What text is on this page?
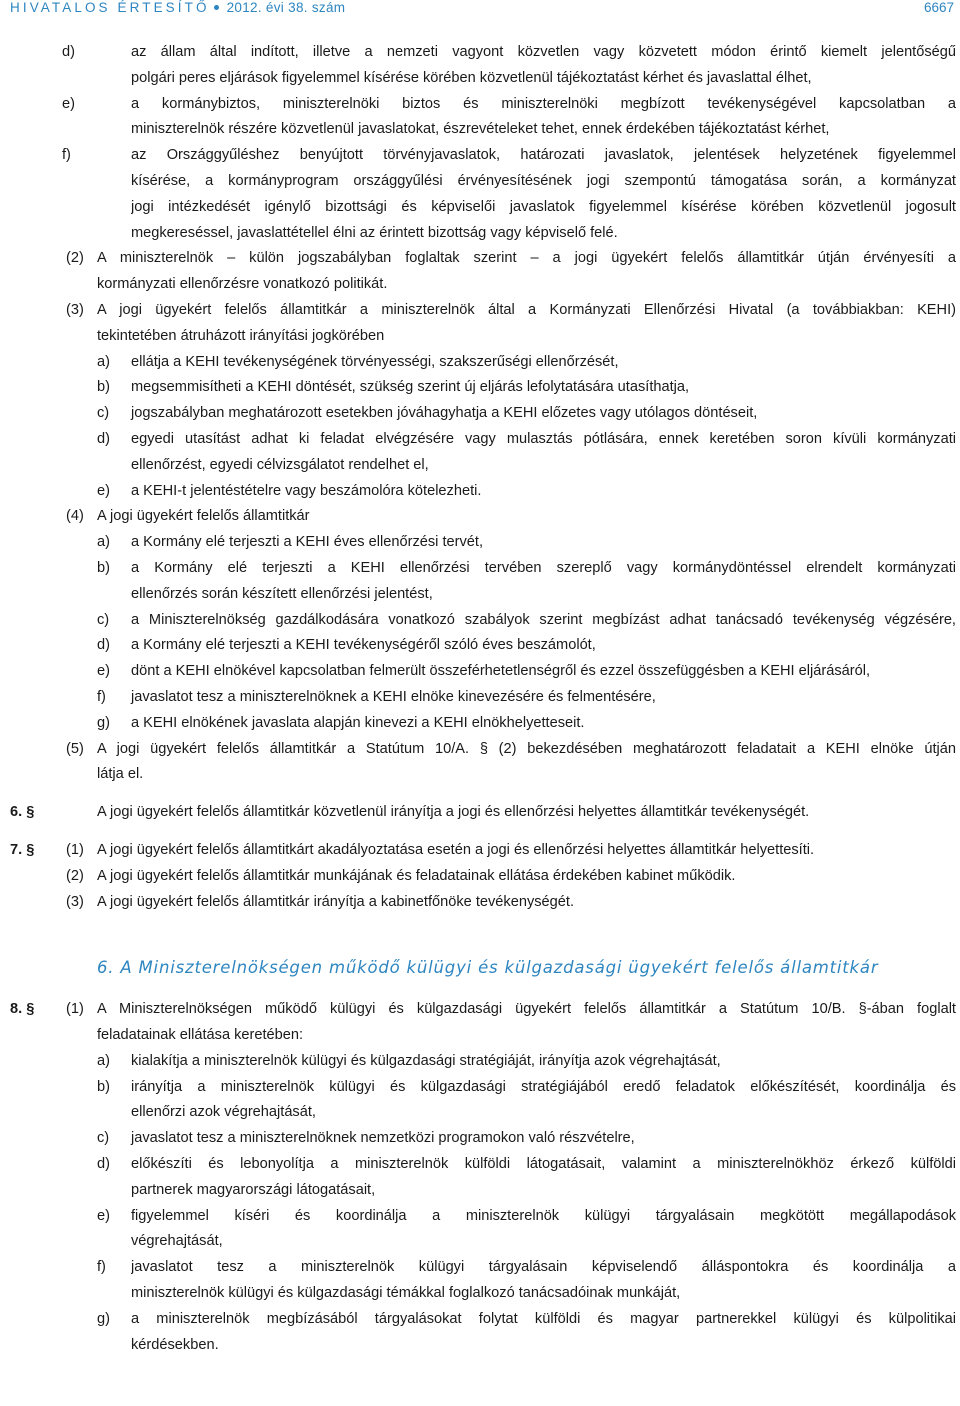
HIVATALOS ÉRTESÍTŐ 2012. évi 38. szám	6667
d)	az állam által indított, illetve a nemzeti vagyont közvetlen vagy közvetett módon érintő kiemelt jelentőségű
polgári peres eljárások figyelemmel kísérése körében közvetlenül tájékoztatást kérhet és javaslattal élhet,
e)	a kormánybiztos, miniszterelnöki biztos és miniszterelnöki megbízott tevékenységével kapcsolatban a
miniszterelnök részére közvetlenül javaslatokat, észrevételeket tehet, ennek érdekében tájékoztatást kérhet,
f)	az Országgyűléshez benyújtott törvényjavaslatok, határozati javaslatok, jelentések helyzetének figyelemmel
kísérése, a kormányprogram országgyűlési érvényesítésének jogi szempontú támogatása során, a kormányzat
jogi intézkedését igénylő bizottsági és képviselői javaslatok figyelemmel kísérése körében közvetlenül jogosult
megkereséssel, javaslattétellel élni az érintett bizottság vagy képviselő felé.
(2) A miniszterelnök – külön jogszabályban foglaltak szerint – a jogi ügyekért felelős államtitkár útján érvényesíti a
kormányzati ellenőrzésre vonatkozó politikát.
(3) A jogi ügyekért felelős államtitkár a miniszterelnök által a Kormányzati Ellenőrzési Hivatal (a továbbiakban: KEHI)
tekintetében átruházott irányítási jogkörében
a) ellátja a KEHI tevékenységének törvényességi, szakszerűségi ellenőrzését,
b) megsemmisítheti a KEHI döntését, szükség szerint új eljárás lefolytatására utasíthatja,
c) jogszabályban meghatározott esetekben jóváhagyhatja a KEHI előzetes vagy utólagos döntéseit,
d) egyedi utasítást adhat ki feladat elvégzésére vagy mulasztás pótlására, ennek keretében soron kívüli kormányzati
ellenőrzést, egyedi célvizsgálatot rendelhet el,
e) a KEHI-t jelentéstételre vagy beszámolóra kötelezheti.
(4) A jogi ügyekért felelős államtitkár
a) a Kormány elé terjeszti a KEHI éves ellenőrzési tervét,
b) a Kormány elé terjeszti a KEHI ellenőrzési tervében szereplő vagy kormánydöntéssel elrendelt kormányzati
ellenőrzés során készített ellenőrzési jelentést,
c) a Miniszterelnökség gazdálkodására vonatkozó szabályok szerint megbízást adhat tanácsadó tevékenység végzésére,
d) a Kormány elé terjeszti a KEHI tevékenységéről szóló éves beszámolót,
e) dönt a KEHI elnökével kapcsolatban felmerült összeférhetetlenségről és ezzel összefüggésben a KEHI eljárásáról,
f) javaslatot tesz a miniszterelnöknek a KEHI elnöke kinevezésére és felmentésére,
g) a KEHI elnökének javaslata alapján kinevezi a KEHI elnökhelyetteseit.
(5) A jogi ügyekért felelős államtitkár a Statútum 10/A. § (2) bekezdésében meghatározott feladatait a KEHI elnöke útján
látja el.
6. §	A jogi ügyekért felelős államtitkár közvetlenül irányítja a jogi és ellenőrzési helyettes államtitkár tevékenységét.
7. § (1) A jogi ügyekért felelős államtitkárt akadályoztatása esetén a jogi és ellenőrzési helyettes államtitkár helyettesíti.
(2) A jogi ügyekért felelős államtitkár munkájának és feladatainak ellátása érdekében kabinet működik.
(3) A jogi ügyekért felelős államtitkár irányítja a kabinetfőnöke tevékenységét.
6. A Miniszterelnökségen működő külügyi és külgazdasági ügyekért felelős államtitkár
8. § (1) A Miniszterelnökségen működő külügyi és külgazdasági ügyekért felelős államtitkár a Statútum 10/B. §-ában foglalt
feladatainak ellátása keretében:
a) kialakítja a miniszterelnök külügyi és külgazdasági stratégiáját, irányítja azok végrehajtását,
b) irányítja a miniszterelnök külügyi és külgazdasági stratégiájából eredő feladatok előkészítését, koordinálja és
ellenőrzi azok végrehajtását,
c) javaslatot tesz a miniszterelnöknek nemzetközi programokon való részvételre,
d) előkészíti és lebonyolítja a miniszterelnök külföldi látogatásait, valamint a miniszterelnökhöz érkező külföldi
partnerek magyarországi látogatásait,
e) figyelemmel kíséri és koordinálja a miniszterelnök külügyi tárgyalásain megkötött megállapodások
végrehajtását,
f) javaslatot tesz a miniszterelnök külügyi tárgyalásain képviselendő álláspontokra és koordinálja a
miniszterelnök külügyi és külgazdasági témákkal foglalkozó tanácsadóinak munkáját,
g) a miniszterelnök megbízásából tárgyalásokat folytat külföldi és magyar partnerekkel külügyi és külpolitikai
kérdésekben.
